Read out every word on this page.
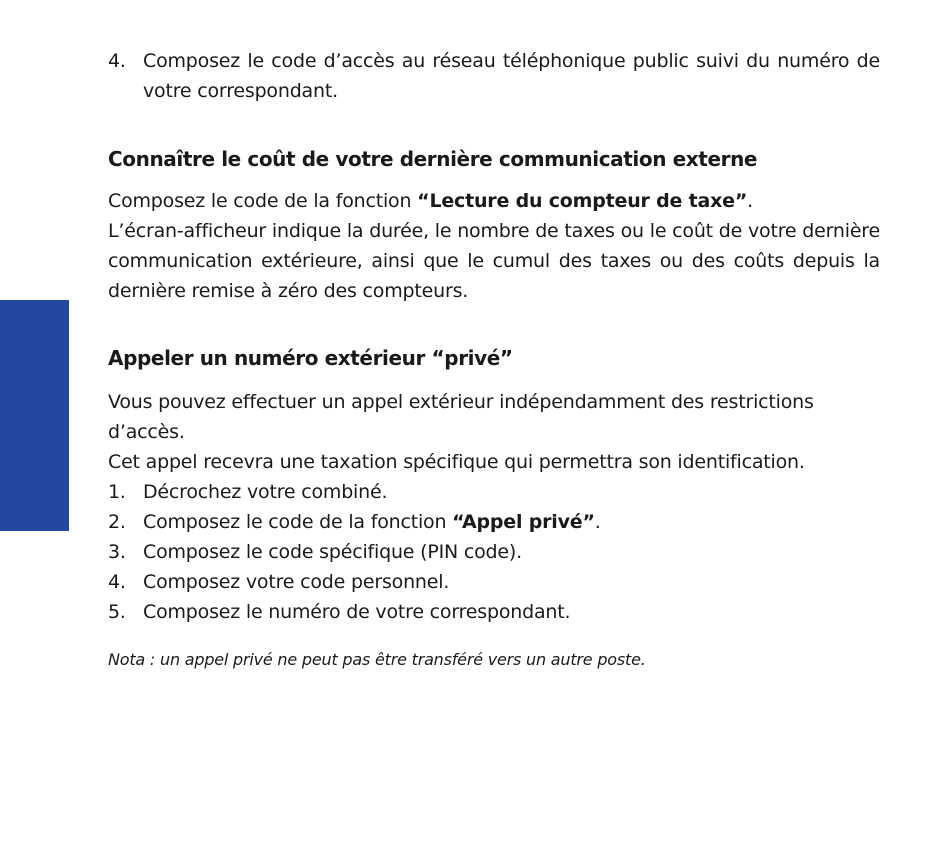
4. Composez le code d’accès au réseau téléphonique public suivi du numéro de votre correspondant.
Connaître le coût de votre dernière communication externe

Composez le code de la fonction “Lecture du compteur de taxe”.

L’écran-afficheur indique la durée, le nombre de taxes ou le coût de votre dernière communication extérieure, ainsi que le cumul des taxes ou des coûts depuis la dernière remise à zéro des compteurs.

Appeler un numéro extérieur “privé”

Vous pouvez effectuer un appel extérieur indépendamment des restrictions d’accès.

Cet appel recevra une taxation spécifique qui permettra son identification.

1. Décrochez votre combiné.
2. Composez le code de la fonction “Appel privé”.
3. Composez le code spécifique (PIN code).
4. Composez votre code personnel.
5. Composez le numéro de votre correspondant.

Nota : un appel privé ne peut pas être transféré vers un autre poste.
